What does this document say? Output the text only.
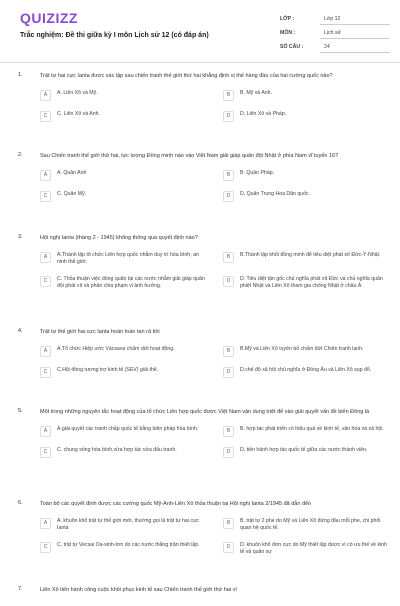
QUIZIZZ
Trắc nghiệm: Đề thi giữa kỳ I môn Lịch sử 12 (có đáp án)
LỚP :	Lớp 12
MÔN :	Lịch sử
SỐ CÂU :	24
1.	Trật tự hai cực Ianta được xác lập sau chiến tranh thế giới thứ hai khẳng định vị thế hàng đầu của hai cường quốc nào?
A	A. Liên Xô và Mỹ.	B	B. Mỹ và Anh.
C	C. Liên Xô và Anh.	D	D. Liên Xô và Pháp.
2.	Sau Chiến tranh thế giới thứ hai, lực lượng Đồng minh nào vào Việt Nam giải giáp quân đội Nhật ở phía Nam vĩ tuyến 16?
A	A. Quân Anh	B	B. Quân Pháp.
C	C. Quân Mỹ.	D	D. Quân Trung Hoa Dân quốc.
3.	Hội nghị Ianta (tháng 2 - 1945) không thông qua quyết định nào?
A	A.Thành lập tổ chức Liên hợp quốc nhằm duy trì hòa bình, an ninh thế giới.
B	B.Thành lập khối đồng minh để tiêu diệt phát xít Đức-Ý-Nhật.
C	C. Thỏa thuận việc đóng quân tại các nước nhằm giải giáp quân đội phát xít và phân chia phạm vi ảnh hưởng.
D	D. Tiêu diệt tận gốc chủ nghĩa phát xít Đức và chủ nghĩa quân phiệt Nhật và Liên Xô tham gia chống Nhật ở châu Á
4.	Trật tự thế giới hai cực Ianta hoàn toàn tan rã khi
A	A.Tổ chức Hiệp ước Vácsava chấm dứt hoạt động.	B	B.Mỹ và Liên Xô tuyên bố chấm dứt Chiến tranh lạnh.
C	C.Hội đồng tương trợ kinh tế (SEV) giải thể.	D	D.chế độ xã hội chủ nghĩa ở Đông Âu và Liên Xô sụp đổ.
5.	Một trong những nguyên tắc hoạt động của tổ chức Liên hợp quốc được Việt Nam vận dụng triệt để vào giải quyết vấn đề biển Đông là
A	A.giải quyết các tranh chấp quốc tế bằng biện pháp hòa bình.	B	B. hợp tác phát triển có hiệu quả về kinh tế, văn hóa và xã hội.
C	C. chung sống hòa bình,vừa hợp tác vừa đấu tranh.	D	D. tiến hành hợp tác quốc tế giữa các nước thành viên.
6.	Toàn bộ các quyết định được các cường quốc Mỹ-Anh-Liên Xô thỏa thuận tại Hội nghị Ianta 2/1945 đã dẫn đến
A	A. khuôn khổ trật tự thế giới mới, thường gọi là trật tự hai cực Ianta
B	B. trật tự 2 phe do Mỹ và Liên Xô đứng đầu mỗi phe, chi phối quan hệ quốc tế.
C	C. trật tự Vecsai Oa-sinh-tơn do các nước thắng trận thiết lập.	D	D. khuôn khổ đơn cực do Mỹ thiết lập được vì có ưu thế về kinh tế và quân sự
7.	Liên Xô tiến hành công cuộc khôi phục kinh tế sau Chiến tranh thế giới thứ hai vì
